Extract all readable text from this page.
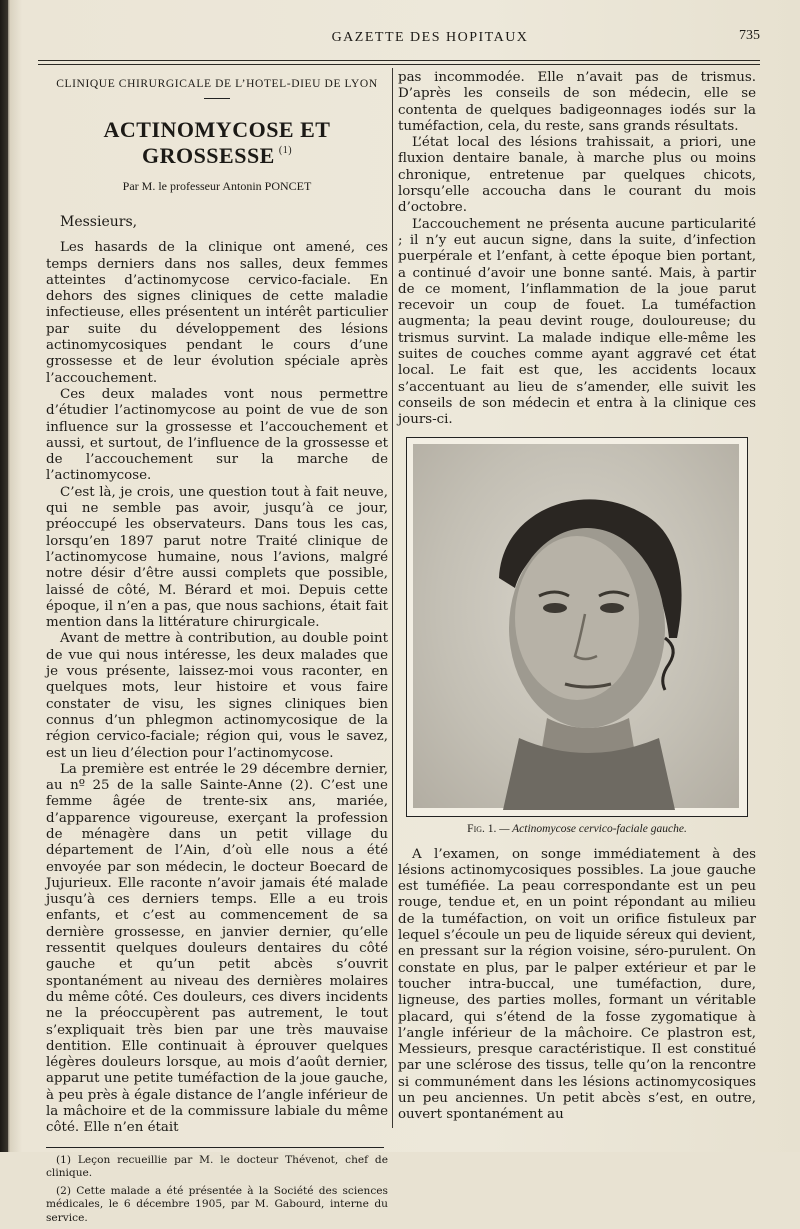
GAZETTE DES HOPITAUX	735
CLINIQUE CHIRURGICALE DE L’HOTEL-DIEU DE LYON
ACTINOMYCOSE ET GROSSESSE $^{(1)}$
Par M. le professeur Antonin PONCET

Messieurs,

Les hasards de la clinique ont amené, ces temps derniers dans nos salles, deux femmes atteintes d’actinomycose cervico-faciale. En dehors des signes cliniques de cette maladie infectieuse, elles présentent un intérêt particulier par suite du développement des lésions actinomycosiques pendant le cours d’une grossesse et de leur évolution spéciale après l’accouchement.

Ces deux malades vont nous permettre d’étudier l’actinomycose au point de vue de son influence sur la grossesse et l’accouchement et aussi, et surtout, de l’influence de la grossesse et de l’accouchement sur la marche de l’actinomycose.

C’est là, je crois, une question tout à fait neuve, qui ne semble pas avoir, jusqu’à ce jour, préoccupé les observateurs. Dans tous les cas, lorsqu’en 1897 parut notre Traité clinique de l’actinomycose humaine, nous l’avions, malgré notre désir d’être aussi complets que possible, laissé de côté, M. Bérard et moi. Depuis cette époque, il n’en a pas, que nous sachions, était fait mention dans la littérature chirurgicale.

Avant de mettre à contribution, au double point de vue qui nous intéresse, les deux malades que je vous présente, laissez-moi vous raconter, en quelques mots, leur histoire et vous faire constater de visu, les signes cliniques bien connus d’un phlegmon actinomycosique de la région cervico-faciale; région qui, vous le savez, est un lieu d’élection pour l’actinomycose.

La première est entrée le 29 décembre dernier, au nº 25 de la salle Sainte-Anne (2). C’est une femme âgée de trente-six ans, mariée, d’apparence vigoureuse, exerçant la profession de ménagère dans un petit village du département de l’Ain, d’où elle nous a été envoyée par son médecin, le docteur Boecard de Jujurieux. Elle raconte n’avoir jamais été malade jusqu’à ces derniers temps. Elle a eu trois enfants, et c’est au commencement de sa dernière grossesse, en janvier dernier, qu’elle ressentit quelques douleurs dentaires du côté gauche et qu’un petit abcès s’ouvrit spontanément au niveau des dernières molaires du même côté. Ces douleurs, ces divers incidents ne la préoccupèrent pas autrement, le tout s’expliquait très bien par une très mauvaise dentition. Elle continuait à éprouver quelques légères douleurs lorsque, au mois d’août dernier, apparut une petite tuméfaction de la joue gauche, à peu près à égale distance de l’angle inférieur de la mâchoire et de la commissure labiale du même côté. Elle n’en était

(1) Leçon recueillie par M. le docteur Thévenot, chef de clinique.

(2) Cette malade a été présentée à la Société des sciences médicales, le 6 décembre 1905, par M. Gabourd, interne du service.

pas incommodée. Elle n’avait pas de trismus. D’après les conseils de son médecin, elle se contenta de quelques badigeonnages iodés sur la tuméfaction, cela, du reste, sans grands résultats.

L’état local des lésions trahissait, a priori, une fluxion dentaire banale, à marche plus ou moins chronique, entretenue par quelques chicots, lorsqu’elle accoucha dans le courant du mois d’octobre.

L’accouchement ne présenta aucune particularité ; il n’y eut aucun signe, dans la suite, d’infection puerpérale et l’enfant, à cette époque bien portant, a continué d’avoir une bonne santé. Mais, à partir de ce moment, l’inflammation de la joue parut recevoir un coup de fouet. La tuméfaction augmenta; la peau devint rouge, douloureuse; du trismus survint. La malade indique elle-même les suites de couches comme ayant aggravé cet état local. Le fait est que, les accidents locaux s’accentuant au lieu de s’amender, elle suivit les conseils de son médecin et entra à la clinique ces jours-ci.

Fig. 1. — Actinomycose cervico-faciale gauche.

A l’examen, on songe immédiatement à des lésions actinomycosiques possibles. La joue gauche est tuméfiée. La peau correspondante est un peu rouge, tendue et, en un point répondant au milieu de la tuméfaction, on voit un orifice fistuleux par lequel s’écoule un peu de liquide séreux qui devient, en pressant sur la région voisine, séro-purulent. On constate en plus, par le palper extérieur et par le toucher intra-buccal, une tuméfaction, dure, ligneuse, des parties molles, formant un véritable placard, qui s’étend de la fosse zygomatique à l’angle inférieur de la mâchoire. Ce plastron est, Messieurs, presque caractéristique. Il est constitué par une sclérose des tissus, telle qu’on la rencontre si communément dans les lésions actinomycosiques un peu anciennes. Un petit abcès s’est, en outre, ouvert spontanément au
